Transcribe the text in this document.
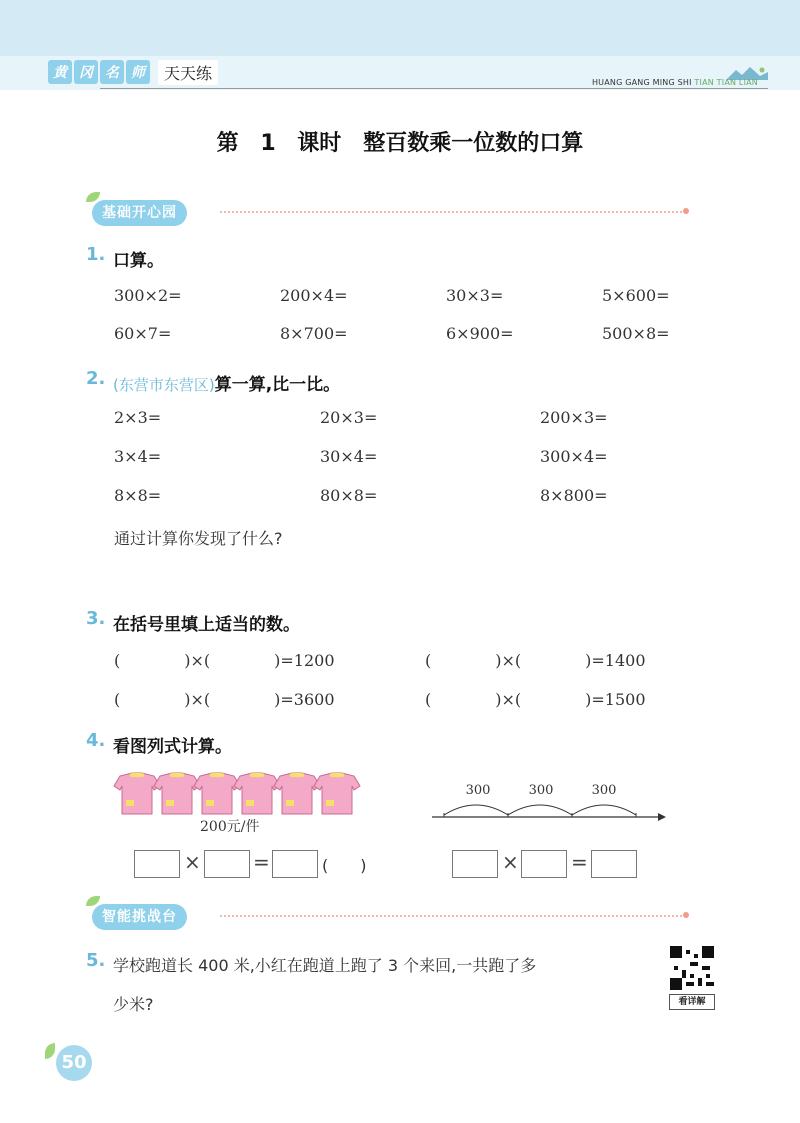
黄 冈 名 师	天天练	HUANG GANG MING SHI TIAN TIAN LIAN
第 1 课时　整百数乘一位数的口算
基础开心园
1. 口算。
300×2=	200×4=	30×3=	5×600=
60×7=	8×700=	6×900=	500×8=
2. (东营市东营区)算一算,比一比。
2×3=	20×3=	200×3=
3×4=	30×4=	300×4=
8×8=	80×8=	8×800=
通过计算你发现了什么?
3. 在括号里填上适当的数。
(　　　　)×(　　　　)=1200	(　　　　)×(　　　　)=1400
(　　　　)×(　　　　)=3600	(　　　　)×(　　　　)=1500
4. 看图列式计算。
200元/件
×	=	(　　)
300	300	300
×	=
智能挑战台
5. 学校跑道长 400 米,小红在跑道上跑了 3 个来回,一共跑了多
少米?	看详解
50
